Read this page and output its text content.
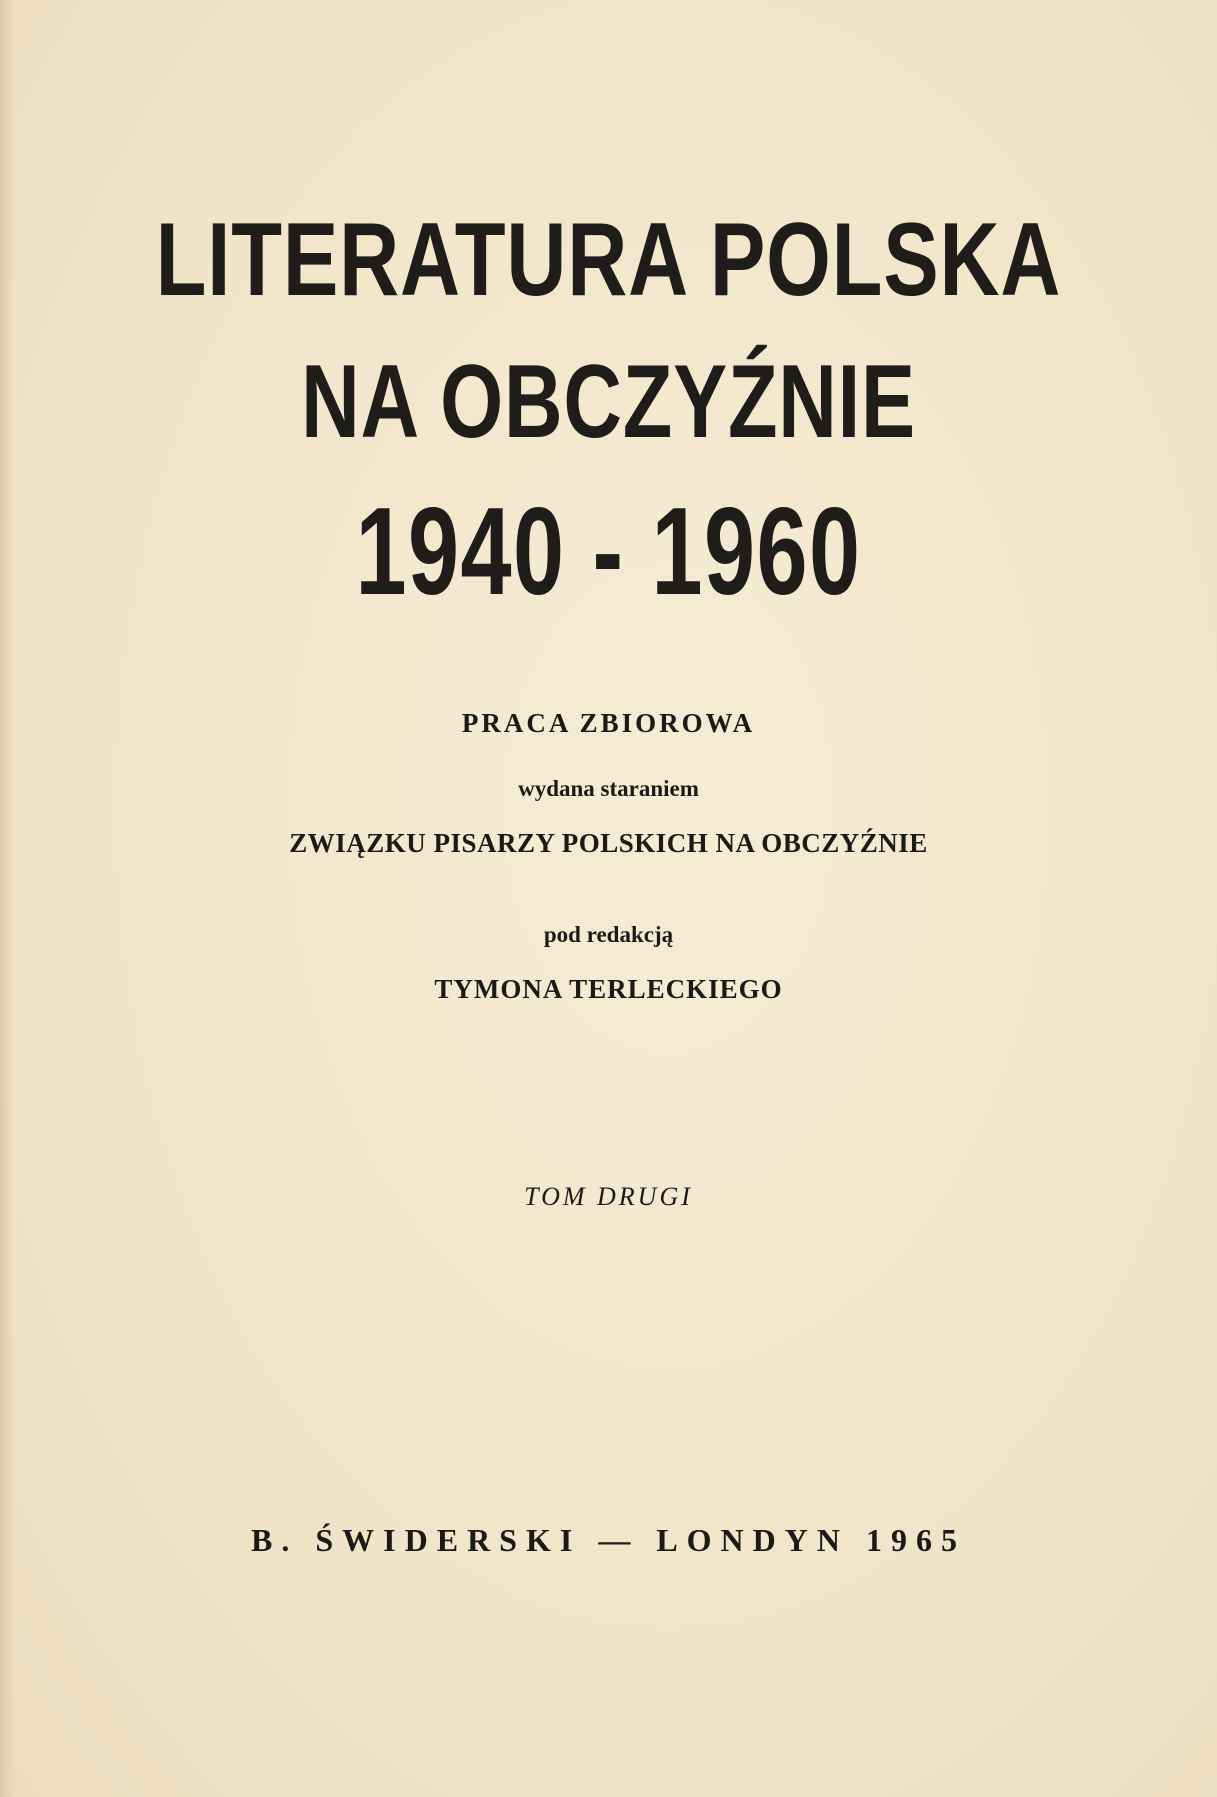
LITERATURA POLSKA
NA OBCZYŹNIE
1940 - 1960
PRACA ZBIOROWA
wydana staraniem
ZWIĄZKU PISARZY POLSKICH NA OBCZYŹNIE
pod redakcją
TYMONA TERLECKIEGO
TOM DRUGI
B. ŚWIDERSKI — LONDYN 1965
